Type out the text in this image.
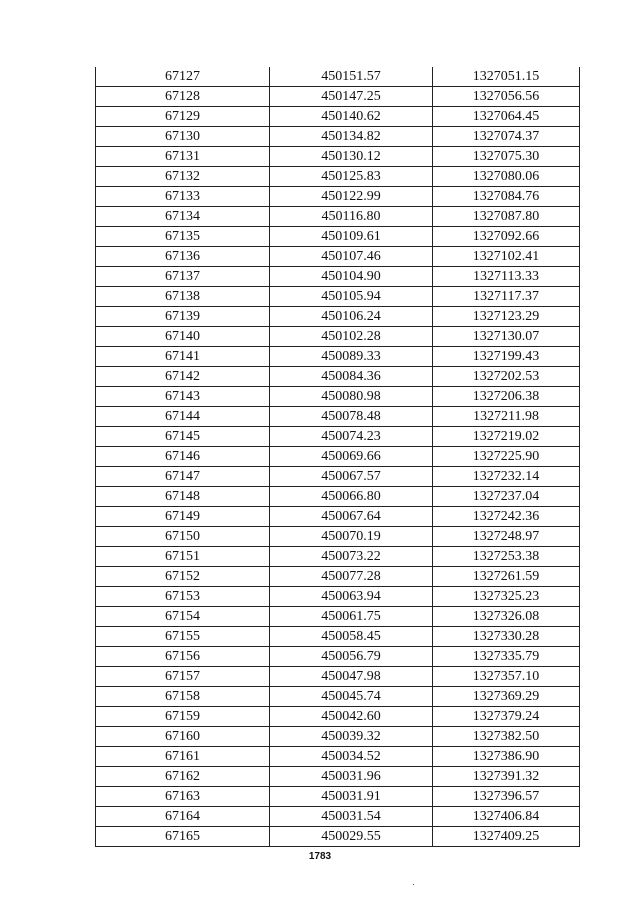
67127	450151.57	1327051.15
67128	450147.25	1327056.56
67129	450140.62	1327064.45
67130	450134.82	1327074.37
67131	450130.12	1327075.30
67132	450125.83	1327080.06
67133	450122.99	1327084.76
67134	450116.80	1327087.80
67135	450109.61	1327092.66
67136	450107.46	1327102.41
67137	450104.90	1327113.33
67138	450105.94	1327117.37
67139	450106.24	1327123.29
67140	450102.28	1327130.07
67141	450089.33	1327199.43
67142	450084.36	1327202.53
67143	450080.98	1327206.38
67144	450078.48	1327211.98
67145	450074.23	1327219.02
67146	450069.66	1327225.90
67147	450067.57	1327232.14
67148	450066.80	1327237.04
67149	450067.64	1327242.36
67150	450070.19	1327248.97
67151	450073.22	1327253.38
67152	450077.28	1327261.59
67153	450063.94	1327325.23
67154	450061.75	1327326.08
67155	450058.45	1327330.28
67156	450056.79	1327335.79
67157	450047.98	1327357.10
67158	450045.74	1327369.29
67159	450042.60	1327379.24
67160	450039.32	1327382.50
67161	450034.52	1327386.90
67162	450031.96	1327391.32
67163	450031.91	1327396.57
67164	450031.54	1327406.84
67165	450029.55	1327409.25
1783
